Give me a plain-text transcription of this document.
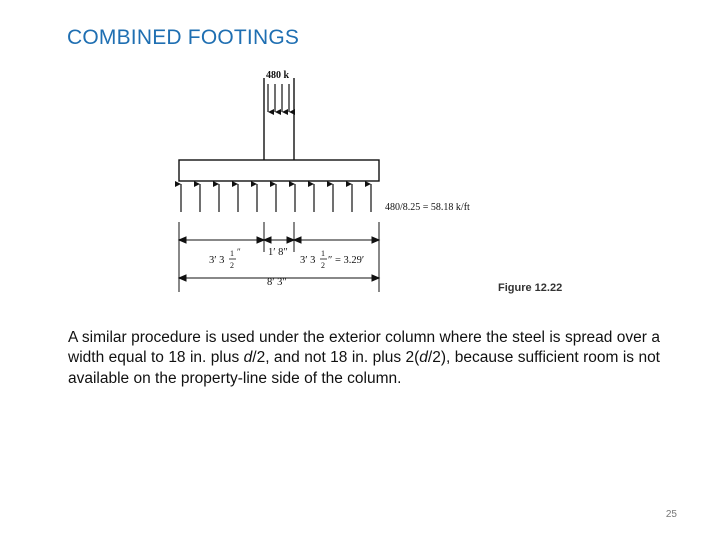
COMBINED FOOTINGS
480 k
480/8.25 = 58.18 k/ft
3′ 3
1
2
″	1′ 8″
3′ 3
1
2 ″ = 3.29′
8′ 3″	Figure 12.22

A similar procedure is used under the exterior column where the steel is spread over a width equal to 18 in. plus d/2, and not 18 in. plus 2(d/2), because sufficient room is not available on the property-line side of the column.

25
